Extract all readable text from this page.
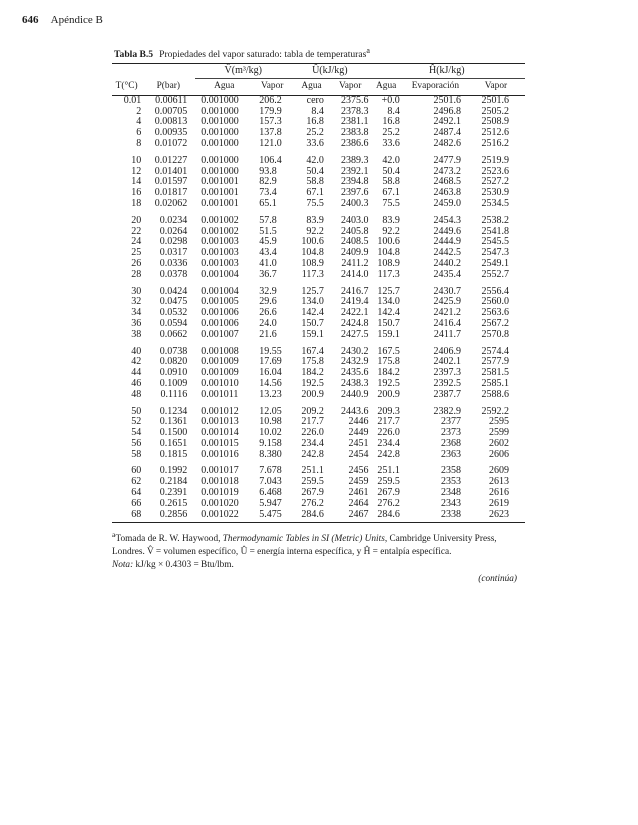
646 Apéndice B
Tabla B.5 Propiedades del vapor saturado: tabla de temperaturas$^a$
		V̂(m³/kg)		Û(kJ/kg)		Ĥ(kJ/kg)		
T(°C)	P(bar)	Agua	Vapor	Agua	Vapor	Agua	Evaporación	Vapor
0.01	0.00611	0.001000	206.2	cero	2375.6	+0.0	2501.6	2501.6
2	0.00705	0.001000	179.9	8.4	2378.3	8.4	2496.8	2505.2
4	0.00813	0.001000	157.3	16.8	2381.1	16.8	2492.1	2508.9
6	0.00935	0.001000	137.8	25.2	2383.8	25.2	2487.4	2512.6
8	0.01072	0.001000	121.0	33.6	2386.6	33.6	2482.6	2516.2
10	0.01227	0.001000	106.4	42.0	2389.3	42.0	2477.9	2519.9
12	0.01401	0.001000	93.8	50.4	2392.1	50.4	2473.2	2523.6
14	0.01597	0.001001	82.9	58.8	2394.8	58.8	2468.5	2527.2
16	0.01817	0.001001	73.4	67.1	2397.6	67.1	2463.8	2530.9
18	0.02062	0.001001	65.1	75.5	2400.3	75.5	2459.0	2534.5
20	0.0234	0.001002	57.8	83.9	2403.0	83.9	2454.3	2538.2
22	0.0264	0.001002	51.5	92.2	2405.8	92.2	2449.6	2541.8
24	0.0298	0.001003	45.9	100.6	2408.5	100.6	2444.9	2545.5
25	0.0317	0.001003	43.4	104.8	2409.9	104.8	2442.5	2547.3
26	0.0336	0.001003	41.0	108.9	2411.2	108.9	2440.2	2549.1
28	0.0378	0.001004	36.7	117.3	2414.0	117.3	2435.4	2552.7
30	0.0424	0.001004	32.9	125.7	2416.7	125.7	2430.7	2556.4
32	0.0475	0.001005	29.6	134.0	2419.4	134.0	2425.9	2560.0
34	0.0532	0.001006	26.6	142.4	2422.1	142.4	2421.2	2563.6
36	0.0594	0.001006	24.0	150.7	2424.8	150.7	2416.4	2567.2
38	0.0662	0.001007	21.6	159.1	2427.5	159.1	2411.7	2570.8
40	0.0738	0.001008	19.55	167.4	2430.2	167.5	2406.9	2574.4
42	0.0820	0.001009	17.69	175.8	2432.9	175.8	2402.1	2577.9
44	0.0910	0.001009	16.04	184.2	2435.6	184.2	2397.3	2581.5
46	0.1009	0.001010	14.56	192.5	2438.3	192.5	2392.5	2585.1
48	0.1116	0.001011	13.23	200.9	2440.9	200.9	2387.7	2588.6
50	0.1234	0.001012	12.05	209.2	2443.6	209.3	2382.9	2592.2
52	0.1361	0.001013	10.98	217.7	2446	217.7	2377	2595
54	0.1500	0.001014	10.02	226.0	2449	226.0	2373	2599
56	0.1651	0.001015	9.158	234.4	2451	234.4	2368	2602
58	0.1815	0.001016	8.380	242.8	2454	242.8	2363	2606
60	0.1992	0.001017	7.678	251.1	2456	251.1	2358	2609
62	0.2184	0.001018	7.043	259.5	2459	259.5	2353	2613
64	0.2391	0.001019	6.468	267.9	2461	267.9	2348	2616
66	0.2615	0.001020	5.947	276.2	2464	276.2	2343	2619
68	0.2856	0.001022	5.475	284.6	2467	284.6	2338	2623
$^a$Tomada de R. W. Haywood, Thermodynamic Tables in SI (Metric) Units, Cambridge University Press, Londres. V̂ = volumen específico, Û = energía interna específica, y Ĥ = entalpía específica.
Nota: kJ/kg × 0.4303 = Btu/lbm.
(continúa)
